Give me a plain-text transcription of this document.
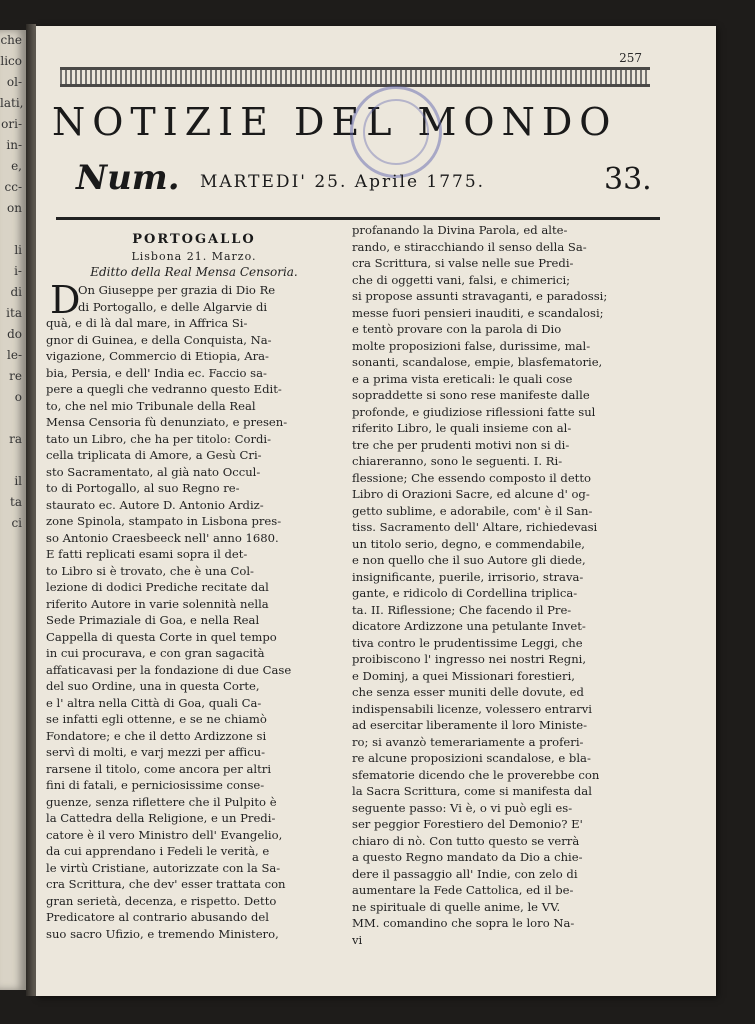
che
lico
ol-
lati,
ori-
in-
e,
cc-
on

li
i-
di
ita
do
le-
re
o

ra

il
ta
ci

257
NOTIZIE DEL MONDO
Num. MARTEDI' 25. Aprile 1775.	33.
PORTOGALLO
Lisbona 21. Marzo.
Editto della Real Mensa Censoria.
D
On Giuseppe per grazia di Dio Re
di Portogallo, e delle Algarvie di
quà, e di là dal mare, in Affrica Si-
gnor di Guinea, e della Conquista, Na-
vigazione, Commercio di Etiopia, Ara-
bia, Persia, e dell' India ec. Faccio sa-
pere a quegli che vedranno questo Edit-
to, che nel mio Tribunale della Real
Mensa Censoria fù denunziato, e presen-
tato un Libro, che ha per titolo: Cordi-
cella triplicata di Amore, a Gesù Cri-
sto Sacramentato, al già nato Occul-
to di Portogallo, al suo Regno re-
staurato ec. Autore D. Antonio Ardiz-
zone Spinola, stampato in Lisbona pres-
so Antonio Craesbeeck nell' anno 1680.
E fatti replicati esami sopra il det-
to Libro si è trovato, che è una Col-
lezione di dodici Prediche recitate dal
riferito Autore in varie solennità nella
Sede Primaziale di Goa, e nella Real
Cappella di questa Corte in quel tempo
in cui procurava, e con gran sagacità
affaticavasi per la fondazione di due Case
del suo Ordine, una in questa Corte,
e l' altra nella Città di Goa, quali Ca-
se infatti egli ottenne, e se ne chiamò
Fondatore; e che il detto Ardizzone si
servì di molti, e varj mezzi per afficu-
rarsene il titolo, come ancora per altri
fini di fatali, e perniciosissime conse-
guenze, senza riflettere che il Pulpito è
la Cattedra della Religione, e un Predi-
catore è il vero Ministro dell' Evangelio,
da cui apprendano i Fedeli le verità, e
le virtù Cristiane, autorizzate con la Sa-
cra Scrittura, che dev' esser trattata con
gran serietà, decenza, e rispetto. Detto
Predicatore al contrario abusando del
suo sacro Ufizio, e tremendo Ministero,
profanando la Divina Parola, ed alte-
rando, e stiracchiando il senso della Sa-
cra Scrittura, si valse nelle sue Predi-
che di oggetti vani, falsi, e chimerici;
si propose assunti stravaganti, e paradossi;
messe fuori pensieri inauditi, e scandalosi;
e tentò provare con la parola di Dio
molte proposizioni false, durissime, mal-
sonanti, scandalose, empie, blasfematorie,
e a prima vista ereticali: le quali cose
sopraddette si sono rese manifeste dalle
profonde, e giudiziose riflessioni fatte sul
riferito Libro, le quali insieme con al-
tre che per prudenti motivi non si di-
chiareranno, sono le seguenti. I. Ri-
flessione; Che essendo composto il detto
Libro di Orazioni Sacre, ed alcune d' og-
getto sublime, e adorabile, com' è il San-
tiss. Sacramento dell' Altare, richiedevasi
un titolo serio, degno, e commendabile,
e non quello che il suo Autore gli diede,
insignificante, puerile, irrisorio, strava-
gante, e ridicolo di Cordellina triplica-
ta. II. Riflessione; Che facendo il Pre-
dicatore Ardizzone una petulante Invet-
tiva contro le prudentissime Leggi, che
proibiscono l' ingresso nei nostri Regni,
e Dominj, a quei Missionari forestieri,
che senza esser muniti delle dovute, ed
indispensabili licenze, volessero entrarvi
ad esercitar liberamente il loro Ministe-
ro; si avanzò temerariamente a proferi-
re alcune proposizioni scandalose, e bla-
sfematorie dicendo che le proverebbe con
la Sacra Scrittura, come si manifesta dal
seguente passo: Vi è, o vi può egli es-
ser peggior Forestiero del Demonio? E'
chiaro di nò. Con tutto questo se verrà
a questo Regno mandato da Dio a chie-
dere il passaggio all' Indie, con zelo di
aumentare la Fede Cattolica, ed il be-
ne spirituale di quelle anime, le VV.
MM. comandino che sopra le loro Na-
vi
